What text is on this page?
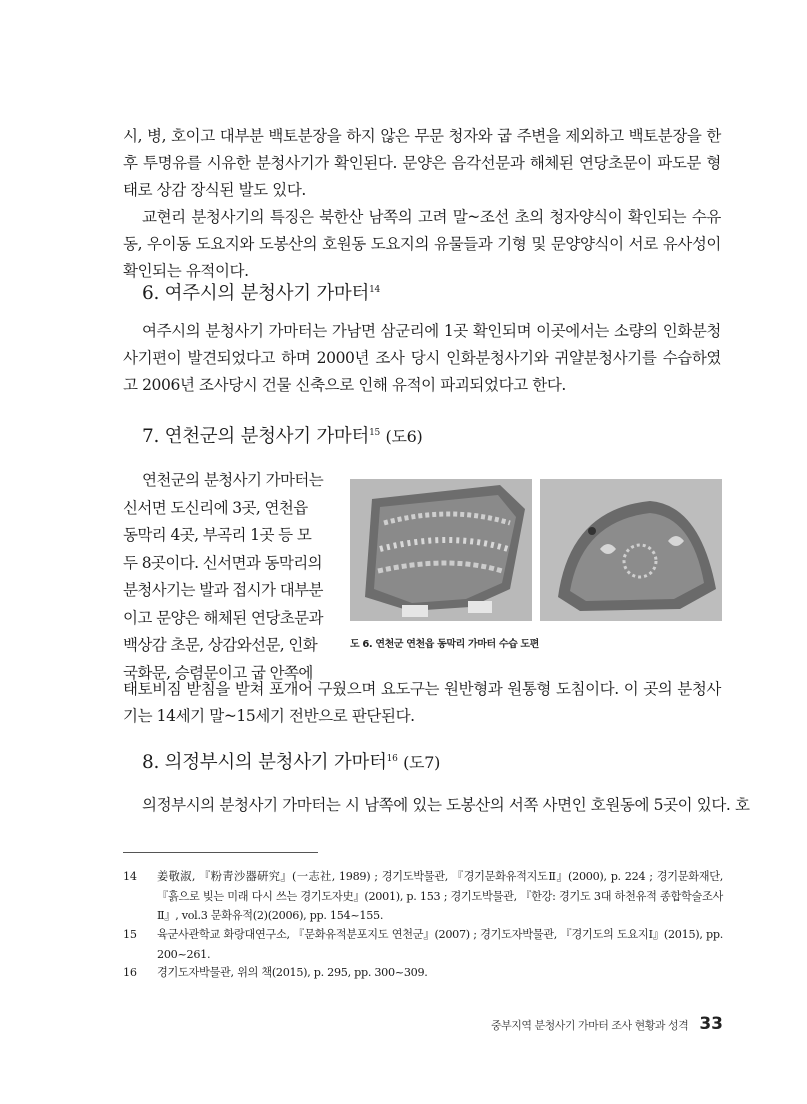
시, 병, 호이고 대부분 백토분장을 하지 않은 무문 청자와 굽 주변을 제외하고 백토분장을 한 후 투명유를 시유한 분청사기가 확인된다. 문양은 음각선문과 해체된 연당초문이 파도문 형태로 상감 장식된 발도 있다.

교현리 분청사기의 특징은 북한산 남쪽의 고려 말~조선 초의 청자양식이 확인되는 수유동, 우이동 도요지와 도봉산의 호원동 도요지의 유물들과 기형 및 문양양식이 서로 유사성이 확인되는 유적이다.

6. 여주시의 분청사기 가마터$^{14}$

여주시의 분청사기 가마터는 가남면 삼군리에 1곳 확인되며 이곳에서는 소량의 인화분청사기편이 발견되었다고 하며 2000년 조사 당시 인화분청사기와 귀얄분청사기를 수습하였고 2006년 조사당시 건물 신축으로 인해 유적이 파괴되었다고 한다.

7. 연천군의 분청사기 가마터$^{15}$ (도6)
연천군의 분청사기 가마터는
신서면 도신리에 3곳, 연천읍
동막리 4곳, 부곡리 1곳 등 모
두 8곳이다. 신서면과 동막리의
분청사기는 발과 접시가 대부분
이고 문양은 해체된 연당초문과
백상감 초문, 상감와선문, 인화
국화문, 승렴문이고 굽 안쪽에

태토비짐 받침을 받쳐 포개어 구웠으며 요도구는 원반형과 원통형 도침이다. 이 곳의 분청사기는 14세기 말~15세기 전반으로 판단된다.

도 6. 연천군 연천읍 동막리 가마터 수습 도편
8. 의정부시의 분청사기 가마터$^{16}$ (도7)

의정부시의 분청사기 가마터는 시 남쪽에 있는 도봉산의 서쪽 사면인 호원동에 5곳이 있다. 호

14 姜敬淑, 『粉靑沙器硏究』(一志社, 1989) ; 경기도박물관, 『경기문화유적지도Ⅱ』(2000), p. 224 ; 경기문화재단, 『흙으로 빚는 미래 다시 쓰는 경기도자史』(2001), p. 153 ; 경기도박물관, 『한강: 경기도 3대 하천유적 종합학술조사 Ⅱ』, vol.3 문화유적(2)(2006), pp. 154~155.
15 육군사관학교 화랑대연구소, 『문화유적분포지도 연천군』(2007) ; 경기도자박물관, 『경기도의 도요지Ⅰ』(2015), pp. 200~261.
16 경기도자박물관, 위의 책(2015), p. 295, pp. 300~309.
중부지역 분청사기 가마터 조사 현황과 성격 33
